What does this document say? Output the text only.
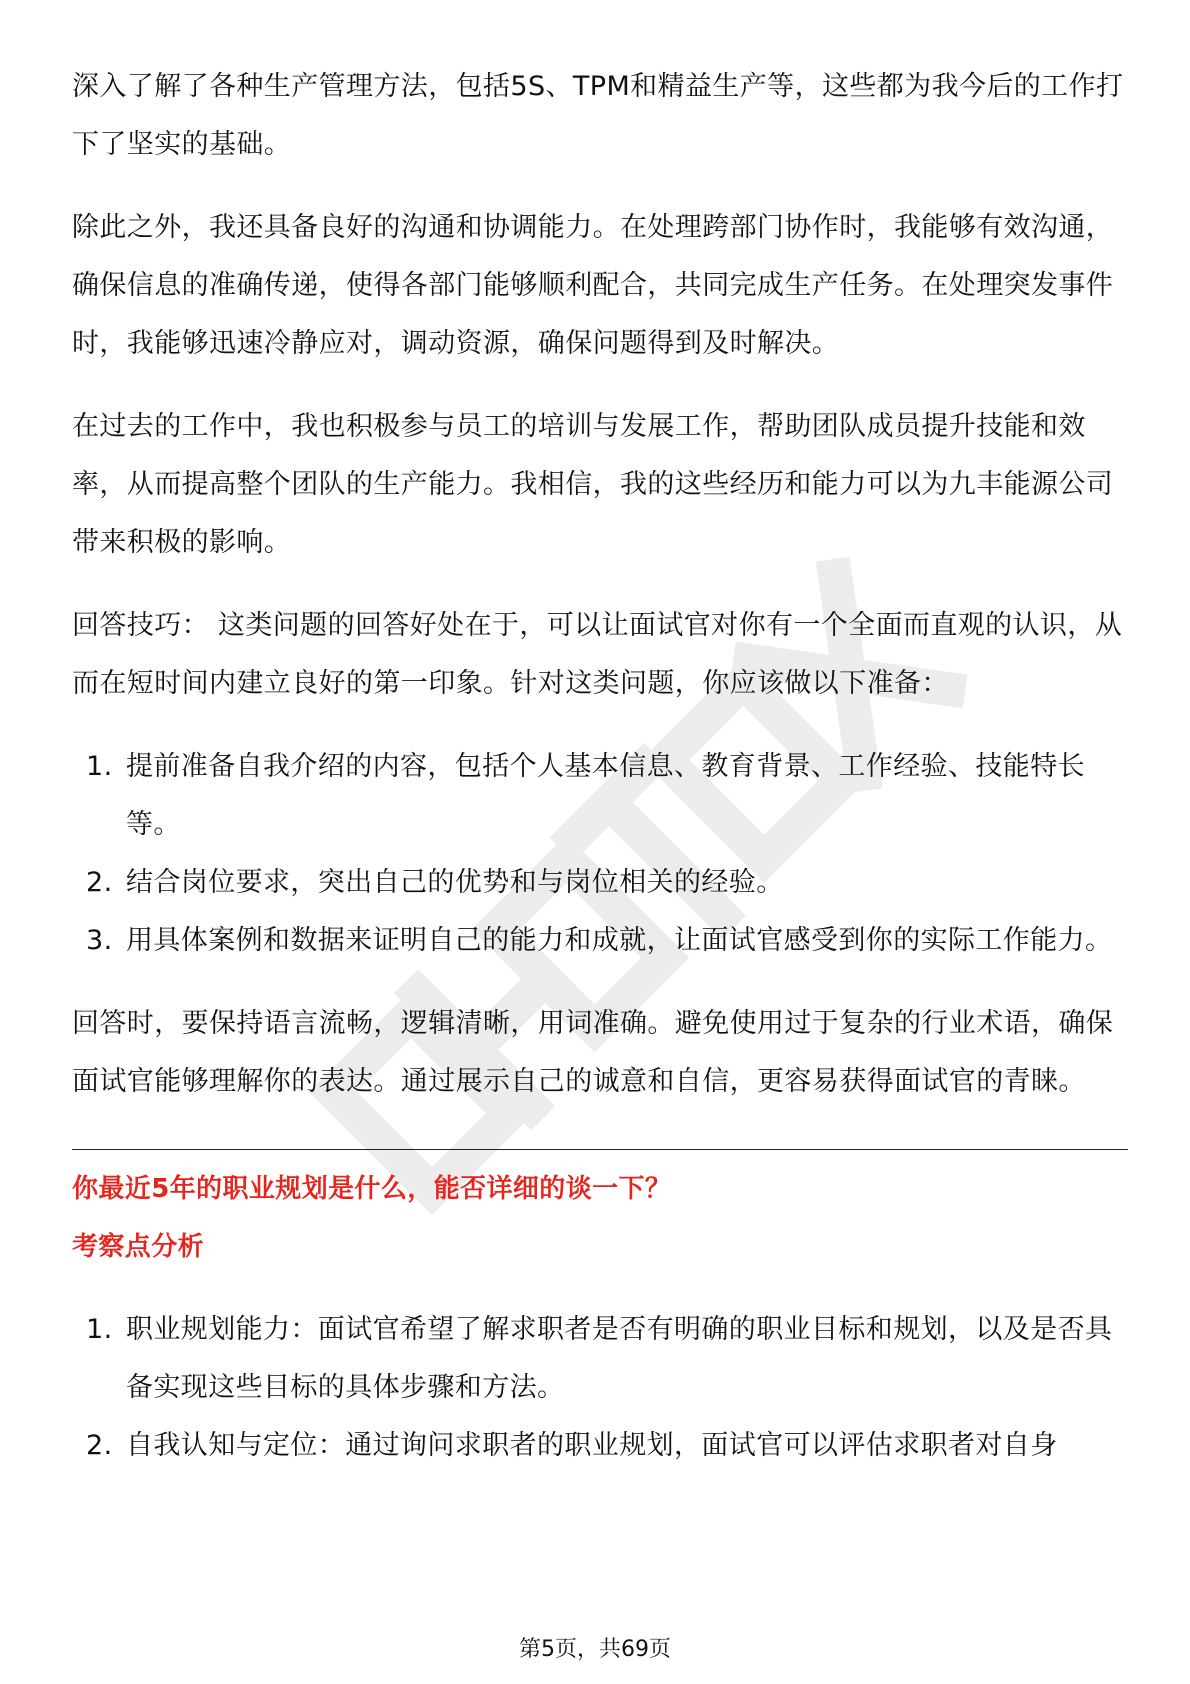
深入了解了各种生产管理方法，包括5S、TPM和精益生产等，这些都为我今后的工作打下了坚实的基础。

除此之外，我还具备良好的沟通和协调能力。在处理跨部门协作时，我能够有效沟通，确保信息的准确传递，使得各部门能够顺利配合，共同完成生产任务。在处理突发事件时，我能够迅速冷静应对，调动资源，确保问题得到及时解决。

在过去的工作中，我也积极参与员工的培训与发展工作，帮助团队成员提升技能和效率，从而提高整个团队的生产能力。我相信，我的这些经历和能力可以为九丰能源公司带来积极的影响。

回答技巧： 这类问题的回答好处在于，可以让面试官对你有一个全面而直观的认识，从而在短时间内建立良好的第一印象。针对这类问题，你应该做以下准备：

1. 提前准备自我介绍的内容，包括个人基本信息、教育背景、工作经验、技能特长等。
2. 结合岗位要求，突出自己的优势和与岗位相关的经验。
3. 用具体案例和数据来证明自己的能力和成就，让面试官感受到你的实际工作能力。

回答时，要保持语言流畅，逻辑清晰，用词准确。避免使用过于复杂的行业术语，确保面试官能够理解你的表达。通过展示自己的诚意和自信，更容易获得面试官的青睐。

你最近5年的职业规划是什么，能否详细的谈一下？

考察点分析

1. 职业规划能力：面试官希望了解求职者是否有明确的职业目标和规划，以及是否具备实现这些目标的具体步骤和方法。
2. 自我认知与定位：通过询问求职者的职业规划，面试官可以评估求职者对自身
第5页，共69页
